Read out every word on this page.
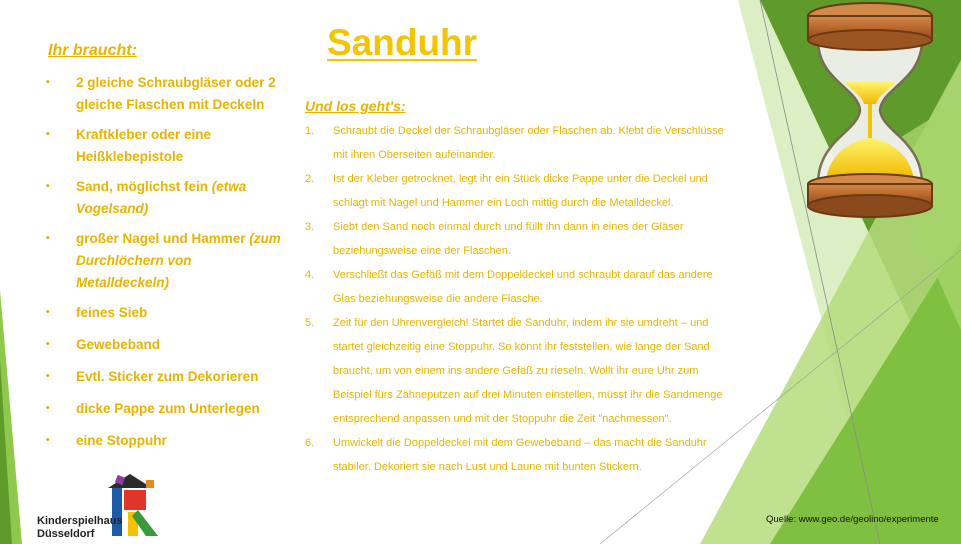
Sanduhr
Ihr braucht:
• 2 gleiche Schraubgläser oder 2 gleiche Flaschen mit Deckeln
• Kraftkleber oder eine Heißklebepistole
• Sand, möglichst fein (etwa Vogelsand)
• großer Nagel und Hammer (zum Durchlöchern von Metalldeckeln)
• feines Sieb
• Gewebeband
• Evtl. Sticker zum Dekorieren
• dicke Pappe zum Unterlegen
• eine Stoppuhr
Und los geht's:
1. Schraubt die Deckel der Schraubgläser oder Flaschen ab. Klebt die Verschlüsse mit ihren Oberseiten aufeinander.
2. Ist der Kleber getrocknet, legt ihr ein Stück dicke Pappe unter die Deckel und schlagt mit Nagel und Hammer ein Loch mittig durch die Metalldeckel.
3. Siebt den Sand noch einmal durch und füllt ihn dann in eines der Gläser beziehungsweise eine der Flaschen.
4. Verschließt das Gefäß mit dem Doppeldeckel und schraubt darauf das andere Glas beziehungsweise die andere Flasche.
5. Zeit für den Uhrenvergleich! Startet die Sanduhr, indem ihr sie umdreht – und startet gleichzeitig eine Stoppuhr. So könnt ihr feststellen, wie lange der Sand braucht, um von einem ins andere Gefäß zu rieseln. Wollt ihr eure Uhr zum Beispiel fürs Zähneputzen auf drei Minuten einstellen, müsst ihr die Sandmenge entsprechend anpassen und mit der Stoppuhr die Zeit "nachmessen".
6. Umwickelt die Doppeldeckel mit dem Gewebeband – das macht die Sanduhr stabiler. Dekoriert sie nach Lust und Laune mit bunten Stickern.
Kinderspielhaus
Düsseldorf
Quelle: www.geo.de/geolino/experimente
